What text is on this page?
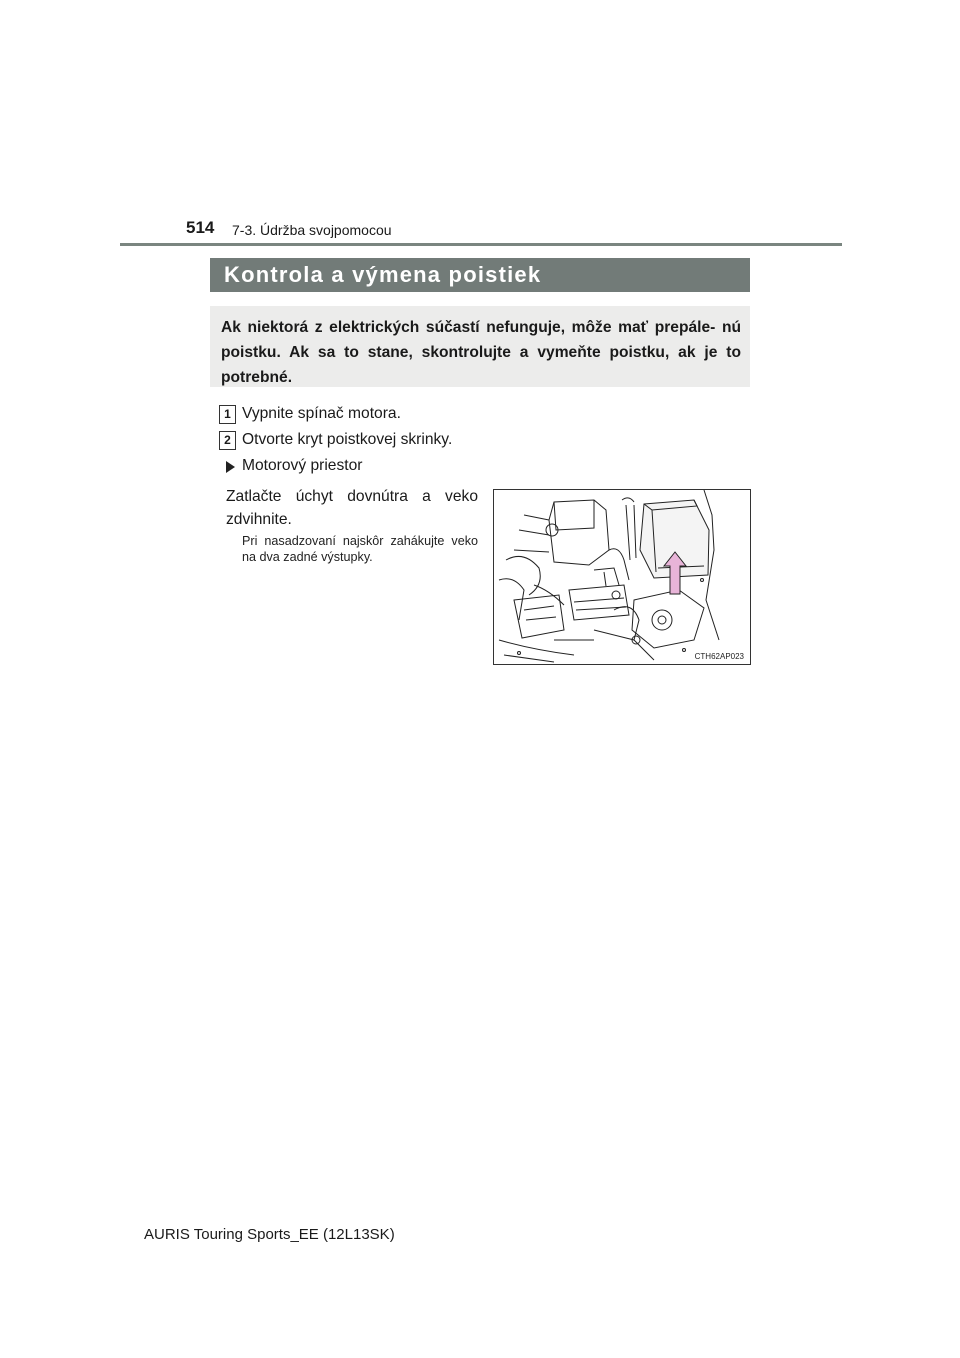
514 7-3. Údržba svojpomocou
Kontrola a výmena poistiek
Ak niektorá z elektrických súčastí nefunguje, môže mať prepále- nú poistku. Ak sa to stane, skontrolujte a vymeňte poistku, ak je to potrebné.
1 Vypnite spínač motora.
2 Otvorte kryt poistkovej skrinky.
Motorový priestor
Zatlačte úchyt dovnútra a veko zdvihnite.
Pri nasadzovaní najskôr zahákujte veko na dva zadné výstupky.
CTH62AP023
AURIS Touring Sports_EE (12L13SK)
